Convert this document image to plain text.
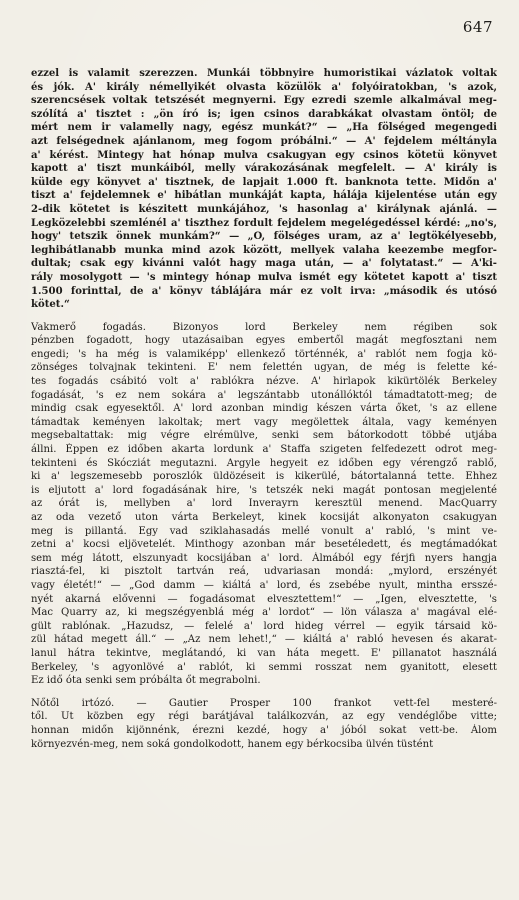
647
ezzel is valamit szerezzen. Munkái többnyire humoristikai vázlatok voltak
és jók. A' király némellyikét olvasta közülök a' folyóiratokban, 's azok,
szerencsések voltak tetszését megnyerni. Egy ezredi szemle alkalmával meg-
szólítá a' tisztet : „ön író is; igen csinos darabkákat olvastam öntöl; de
mért nem ir valamelly nagy, egész munkát?“ — „Ha fölséged megengedi
azt felségednek ajánlanom, meg fogom próbálni.“ — A' fejdelem méltányla
a' kérést. Mintegy hat hónap mulva csakugyan egy csinos kötetü könyvet
kapott a' tiszt munkáiból, melly várakozásának megfelelt. — A' király is
külde egy könyvet a' tisztnek, de lapjait 1.000 ft. banknota tette. Midőn a'
tiszt a' fejdelemnek e' hibátlan munkáját kapta, hálája kijelentése után egy
2-dik kötetet is készitett munkájához, 's hasonlag a' királynak ajánlá. —
Legközelebbi szemlénél a' tiszthez fordult fejdelem megelégedéssel kérdé: „no's,
hogy' tetszik önnek munkám?“ — „O, fölséges uram, az a' legtökélyesebb,
leghibátlanabb munka mind azok között, mellyek valaha keezembe megfor-
dultak; csak egy kivánni valót hagy maga után, — a' folytatast.“ — A'ki-
rály mosolygott — 's mintegy hónap mulva ismét egy kötetet kapott a' tiszt
1.500 forinttal, de a' könyv táblájára már ez volt irva: „második és utósó
kötet.“
Vakmerő fogadás. Bizonyos lord Berkeley nem régiben sok
pénzben fogadott, hogy utazásaiban egyes embertől magát megfosztani nem
engedi; 's ha még is valamiképp' ellenkező történnék, a' rablót nem fogja kö-
zönséges tolvajnak tekinteni. E' nem felettén ugyan, de még is felette ké-
tes fogadás csábitó volt a' rablókra nézve. A' hirlapok kikürtölék Berkeley
fogadását, 's ez nem sokára a' legszántabb utonállóktól támadtatott-meg; de
mindig csak egyesektől. A' lord azonban mindig készen várta őket, 's az ellene
támadtak keményen lakoltak; mert vagy megölettek általa, vagy keményen
megsebaltattak: mig végre elrémülve, senki sem bátorkodott többé utjába
állni. Éppen ez időben akarta lordunk a' Staffa szigeten felfedezett odrot meg-
tekinteni és Skócziát megutazni. Argyle hegyeit ez időben egy vérengző rablő,
ki a' legszemesebb poroszlók üldözéseit is kikerülé, bátortalanná tette. Ehhez
is eljutott a' lord fogadásának hire, 's tetszék neki magát pontosan megjelenté
az órát is, mellyben a' lord Inverayrn keresztül menend. MacQuarry
az oda vezető uton várta Berkeleyt, kinek kocsiját alkonyaton csakugyan
meg is pillantá. Egy vad sziklahasadás mellé vonult a' rabló, 's mint ve-
zetni a' kocsi eljövetelét. Minthogy azonban már besetéledett, és megtámadókat
sem még látott, elszunyadt kocsijában a' lord. Álmából egy férjfi nyers hangja
riasztá-fel, ki pisztolt tartván reá, udvariasan mondá: „mylord, erszényét
vagy életét!“ — „God damm — kiáltá a' lord, és zsebébe nyult, mintha ersszé-
nyét akarná elővenni — fogadásomat elvesztettem!“ — „Igen, elvesztette, 's
Mac Quarry az, ki megszégyenblá még a' lordot“ — lön válasza a' magával elé-
gült rablónak. „Hazudsz, — felelé a' lord hideg vérrel — egyik társaid kö-
zül hátad megett áll.“ — „Az nem lehet!,“ — kiáltá a' rabló hevesen és akarat-
lanul hátra tekintve, meglátandó, ki van háta megett. E' pillanatot használá
Berkeley, 's agyonlövé a' rablót, ki semmi rosszat nem gyanitott, elesett
Ez idő óta senki sem próbálta őt megrabolni.
Nőtől irtózó. — Gautier Prosper 100 frankot vett-fel mesteré-
től. Ut közben egy régi barátjával találkozván, az egy vendéglőbe vitte;
honnan midőn kijönnénk, érezni kezdé, hogy a' jóból sokat vett-be. Álom
környezvén-meg, nem soká gondolkodott, hanem egy bérkocsiba ülvén tüstént
